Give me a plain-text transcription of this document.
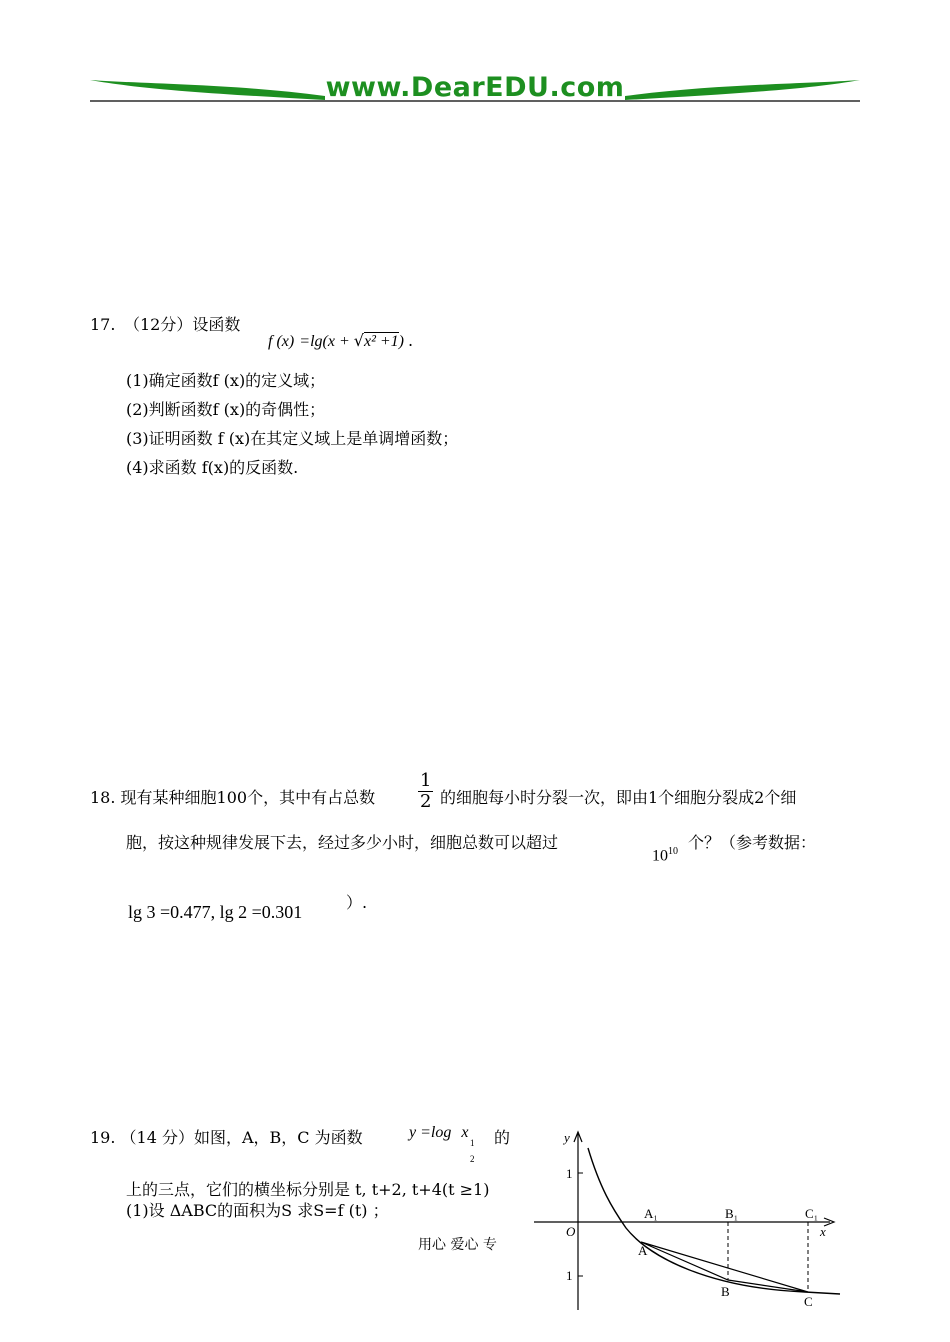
www.DearEDU.com
17. （12分）设函数
f (x) =lg(x + √x² +1) .
(1)确定函数f (x)的定义域；
(2)判断函数f (x)的奇偶性；
(3)证明函数 f (x)在其定义域上是单调增函数；
(4)求函数 f(x)的反函数.
18. 现有某种细胞100个，其中有占总数 $\frac{1}{2}$ 的细胞每小时分裂一次，即由1个细胞分裂成2个细
胞，按这种规律发展下去，经过多少小时，细胞总数可以超过
$10^{10}$ 个？（参考数据：
lg 3 =0.477, lg 2 =0.301	）.
19. （14 分）如图，A，B，C 为函数	y =log
1
2
x 的
上的三点，它们的横坐标分别是 t, t+2, t+4(t ≥1)
(1)设 ΔABC的面积为S 求S=f (t) ；
用心 爱心 专
y
x
O
1
1
A
B
C
A₁	B₁	C₁
